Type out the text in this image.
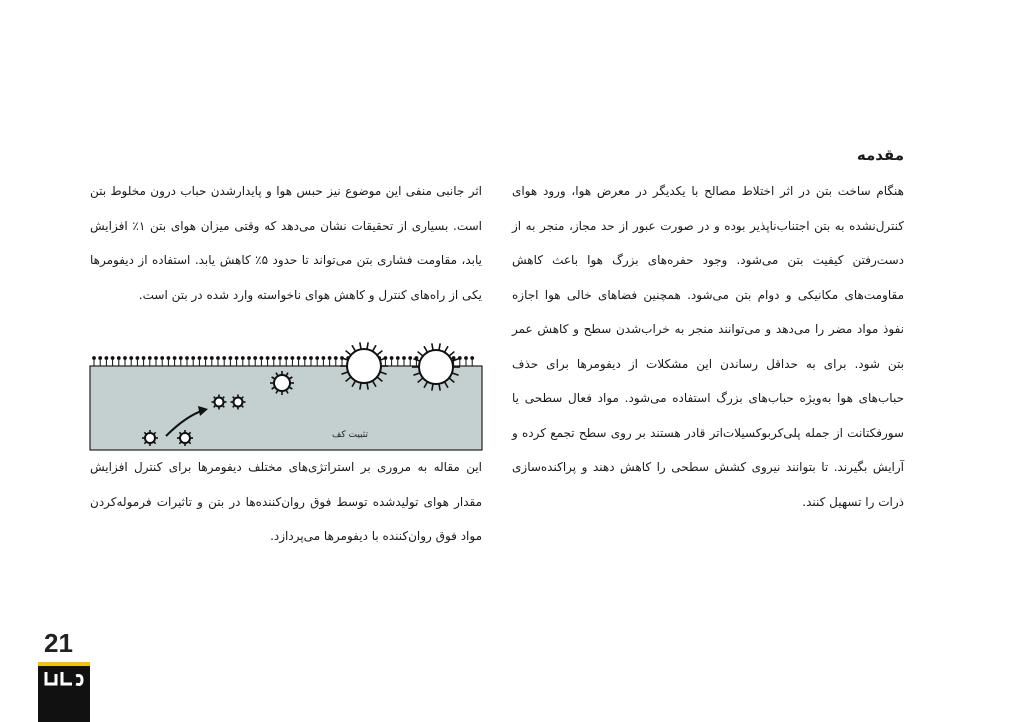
مقدمه
هنگام ساخت بتن در اثر اختلاط مصالح با یکدیگر در معرض هوا، ورود هوای کنترل‌نشده به بتن اجتناب‌ناپذیر بوده و در صورت عبور از حد مجاز، منجر به از دست‌رفتن کیفیت بتن می‌شود. وجود حفره‌های بزرگ هوا باعث کاهش مقاومت‌های مکانیکی و دوام بتن می‌شود. همچنین فضاهای خالی هوا اجازه نفوذ مواد مضر را می‌دهد و می‌توانند منجر به خراب‌شدن سطح و کاهش عمر بتن شود. برای به حداقل رساندن این مشکلات از دیفومرها برای حذف حباب‌های هوا به‌ویژه حباب‌های بزرگ استفاده می‌شود. مواد فعال سطحی یا سورفکتانت از جمله پلی‌کربوکسیلات‌اتر قادر هستند بر روی سطح تجمع کرده و آرایش بگیرند. تا بتوانند نیروی کشش سطحی را کاهش دهند و پراکنده‌سازی ذرات را تسهیل کنند.
اثر جانبی منفی این موضوع نیز حبس هوا و پایدارشدن حباب درون مخلوط بتن است. بسیاری از تحقیقات نشان می‌دهد که وقتی میزان هوای بتن ۱٪ افزایش یابد، مقاومت فشاری بتن می‌تواند تا حدود ۵٪ کاهش یابد. استفاده از دیفومرها یکی از راه‌های کنترل و کاهش هوای ناخواسته وارد شده در بتن است.
تثبیت کف
این مقاله به مروری بر استراتژی‌های مختلف دیفومرها برای کنترل افزایش مقدار هوای تولیدشده توسط فوق روان‌کننده‌ها در بتن و تاثیرات فرموله‌کردن مواد فوق روان‌کننده با دیفومرها می‌پردازد.
21
